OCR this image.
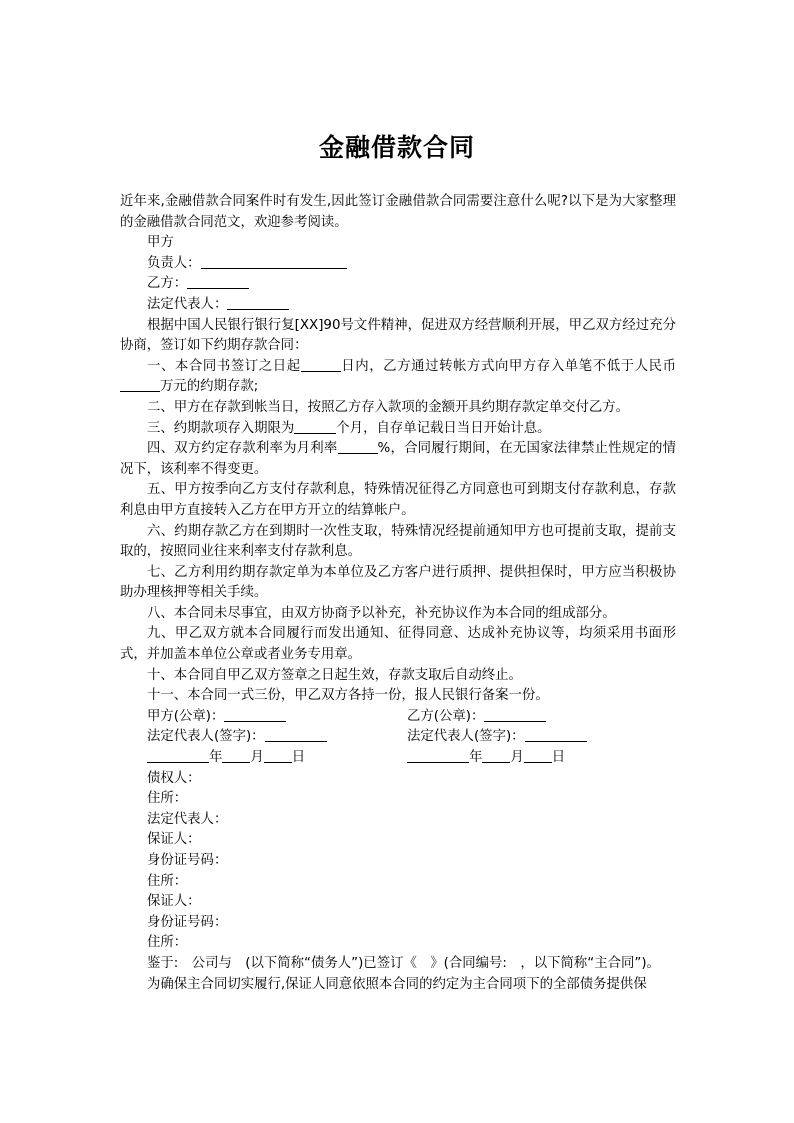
金融借款合同

近年来,金融借款合同案件时有发生,因此签订金融借款合同需要注意什么呢?以下是为大家整理的金融借款合同范文，欢迎参考阅读。

甲方

负责人：

乙方：

法定代表人：

根据中国人民银行银行复[XX]90号文件精神，促进双方经营顺利开展，甲乙双方经过充分协商，签订如下约期存款合同：

一、本合同书签订之日起	日内，乙方通过转帐方式向甲方存入单笔不低于人民币万元的约期存款;

二、甲方在存款到帐当日，按照乙方存入款项的金额开具约期存款定单交付乙方。

三、约期款项存入期限为	个月，自存单记载日当日开始计息。

四、双方约定存款利率为月利率	%，合同履行期间，在无国家法律禁止性规定的情况下，该利率不得变更。

五、甲方按季向乙方支付存款利息，特殊情况征得乙方同意也可到期支付存款利息，存款利息由甲方直接转入乙方在甲方开立的结算帐户。

六、约期存款乙方在到期时一次性支取，特殊情况经提前通知甲方也可提前支取，提前支取的，按照同业往来利率支付存款利息。

七、乙方利用约期存款定单为本单位及乙方客户进行质押、提供担保时，甲方应当积极协助办理核押等相关手续。

八、本合同未尽事宜，由双方协商予以补充，补充协议作为本合同的组成部分。

九、甲乙双方就本合同履行而发出通知、征得同意、达成补充协议等，均须采用书面形式，并加盖本单位公章或者业务专用章。

十、本合同自甲乙双方签章之日起生效，存款支取后自动终止。

十一、本合同一式三份，甲乙双方各持一份，报人民银行备案一份。

甲方(公章)：	乙方(公章)：
法定代表人(签字)：	法定代表人(签字)：
年 月 日	年 月 日

债权人：

住所：

法定代表人：

保证人：

身份证号码：

住所：

保证人：

身份证号码：

住所：

鉴于:　公司与　(以下简称“债务人”)已签订《　》(合同编号:　，以下简称“主合同”)。

为确保主合同切实履行,保证人同意依照本合同的约定为主合同项下的全部债务提供保
